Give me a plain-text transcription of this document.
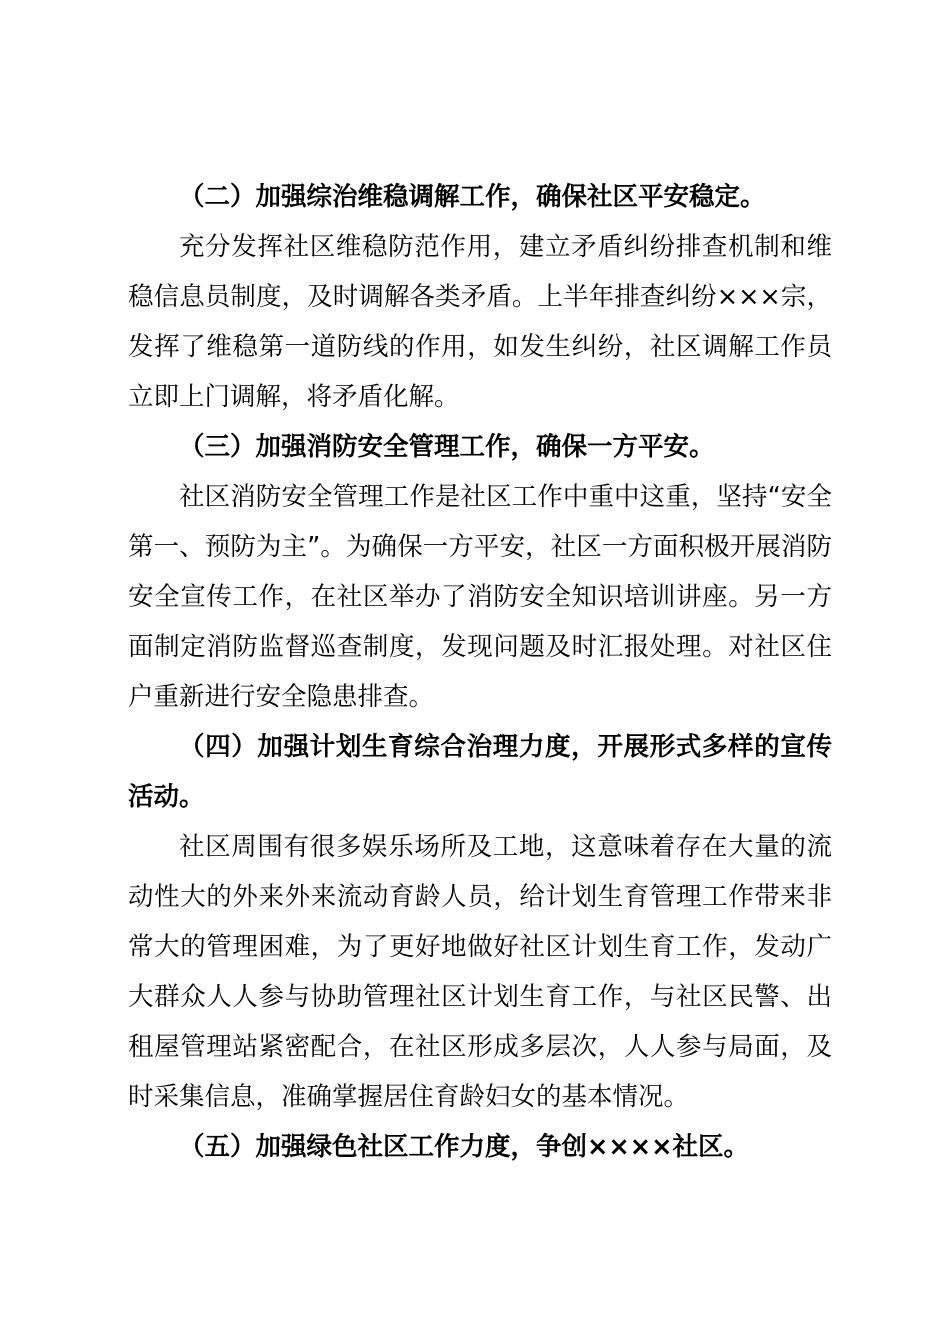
（二）加强综治维稳调解工作，确保社区平安稳定。
充分发挥社区维稳防范作用，建立矛盾纠纷排查机制和维
稳信息员制度，及时调解各类矛盾。上半年排查纠纷×××宗，
发挥了维稳第一道防线的作用，如发生纠纷，社区调解工作员
立即上门调解，将矛盾化解。
（三）加强消防安全管理工作，确保一方平安。
社区消防安全管理工作是社区工作中重中这重，坚持“安全
第一、预防为主”。为确保一方平安，社区一方面积极开展消防
安全宣传工作，在社区举办了消防安全知识培训讲座。另一方
面制定消防监督巡查制度，发现问题及时汇报处理。对社区住
户重新进行安全隐患排查。
（四）加强计划生育综合治理力度，开展形式多样的宣传
活动。
社区周围有很多娱乐场所及工地，这意味着存在大量的流
动性大的外来外来流动育龄人员，给计划生育管理工作带来非
常大的管理困难，为了更好地做好社区计划生育工作，发动广
大群众人人参与协助管理社区计划生育工作，与社区民警、出
租屋管理站紧密配合，在社区形成多层次，人人参与局面，及
时采集信息，准确掌握居住育龄妇女的基本情况。
（五）加强绿色社区工作力度，争创××××社区。
